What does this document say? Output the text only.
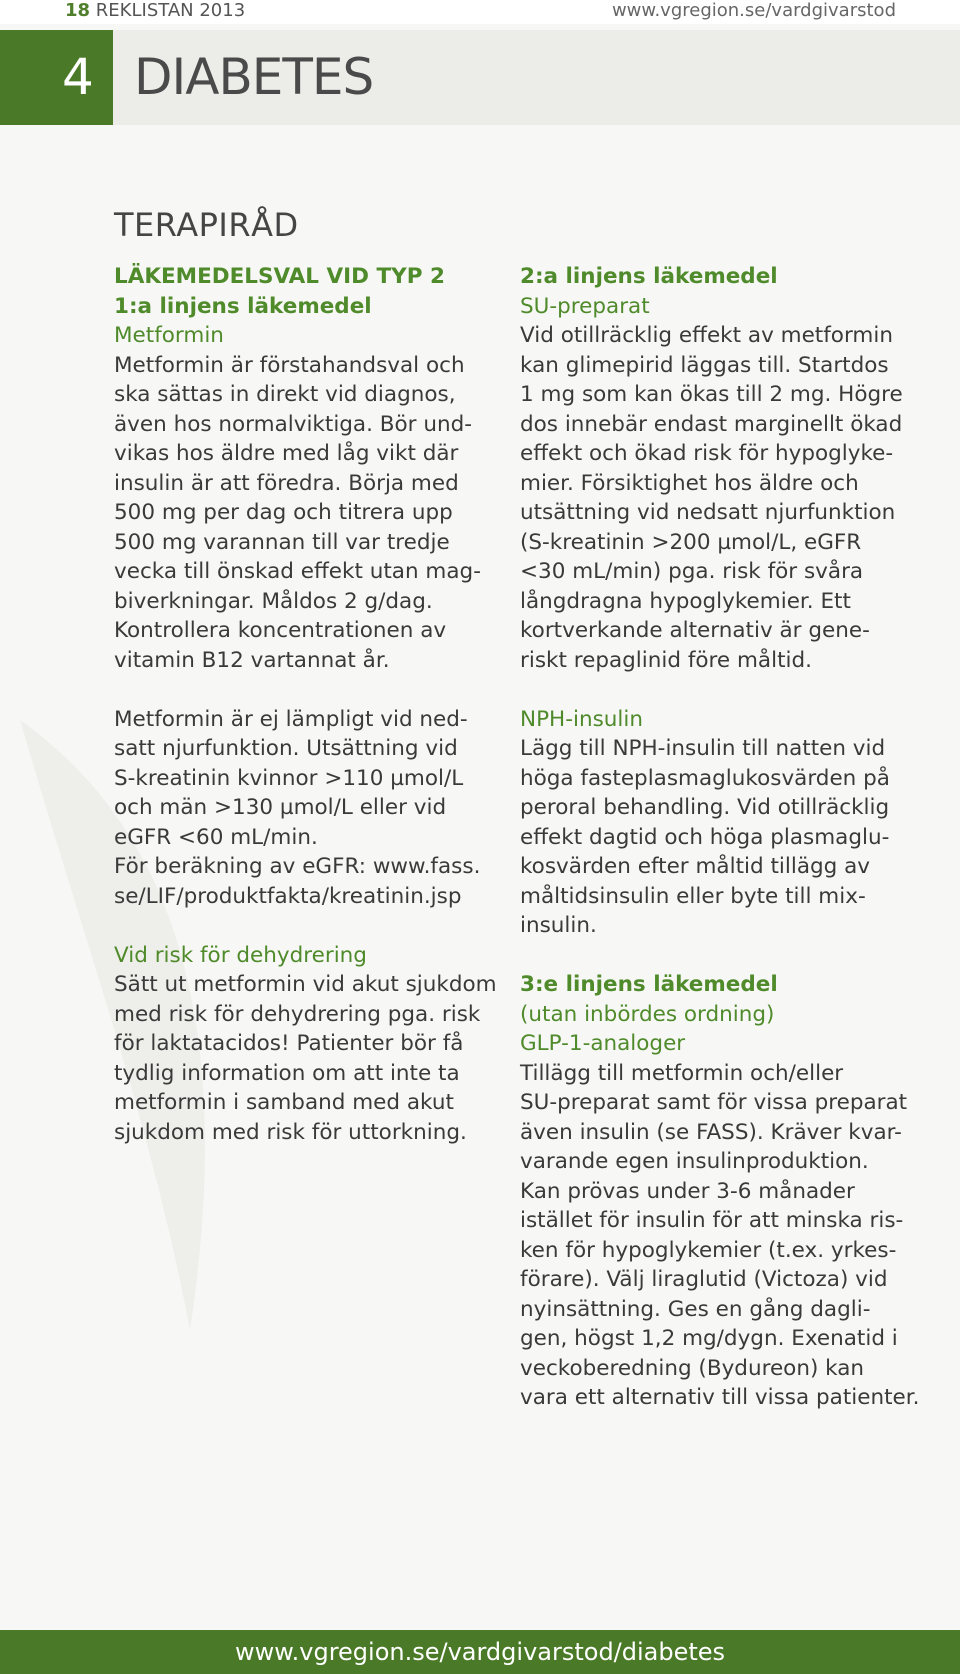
18 REKLISTAN 2013	www.vgregion.se/vardgivarstod
4 DIABETES
TERAPIRÅD
LÄKEMEDELSVAL VID TYP 2
1:a linjens läkemedel
Metformin

Metformin är förstahandsval och

ska sättas in direkt vid diagnos,

även hos normalviktiga. Bör und-

vikas hos äldre med låg vikt där

insulin är att föredra. Börja med

500 mg per dag och titrera upp

500 mg varannan till var tredje

vecka till önskad effekt utan mag-

biverkningar. Måldos 2 g/dag.

Kontrollera koncentrationen av

vitamin B12 vartannat år.

Metformin är ej lämpligt vid ned-

satt njurfunktion. Utsättning vid

S-kreatinin kvinnor >110 µmol/L

och män >130 µmol/L eller vid

eGFR <60 mL/min.

För beräkning av eGFR: www.fass.

se/LIF/produktfakta/kreatinin.jsp

Vid risk för dehydrering

Sätt ut metformin vid akut sjukdom

med risk för dehydrering pga. risk

för laktatacidos! Patienter bör få

tydlig information om att inte ta

metformin i samband med akut

sjukdom med risk för uttorkning.

2:a linjens läkemedel
SU-preparat

Vid otillräcklig effekt av metformin

kan glimepirid läggas till. Startdos

1 mg som kan ökas till 2 mg. Högre

dos innebär endast marginellt ökad

effekt och ökad risk för hypoglyke-

mier. Försiktighet hos äldre och

utsättning vid nedsatt njurfunktion

(S-kreatinin >200 µmol/L, eGFR

<30 mL/min) pga. risk för svåra

långdragna hypoglykemier. Ett

kortverkande alternativ är gene-

riskt repaglinid före måltid.

NPH-insulin

Lägg till NPH-insulin till natten vid

höga fasteplasmaglukosvärden på

peroral behandling. Vid otillräcklig

effekt dagtid och höga plasmaglu-

kosvärden efter måltid tillägg av

måltidsinsulin eller byte till mix-

insulin.

3:e linjens läkemedel
(utan inbördes ordning)
GLP-1-analoger

Tillägg till metformin och/eller

SU-preparat samt för vissa preparat

även insulin (se FASS). Kräver kvar-

varande egen insulinproduktion.

Kan prövas under 3-6 månader

istället för insulin för att minska ris-

ken för hypoglykemier (t.ex. yrkes-

förare). Välj liraglutid (Victoza) vid

nyinsättning. Ges en gång dagli-

gen, högst 1,2 mg/dygn. Exenatid i

veckoberedning (Bydureon) kan

vara ett alternativ till vissa patienter.

www.vgregion.se/vardgivarstod/diabetes
